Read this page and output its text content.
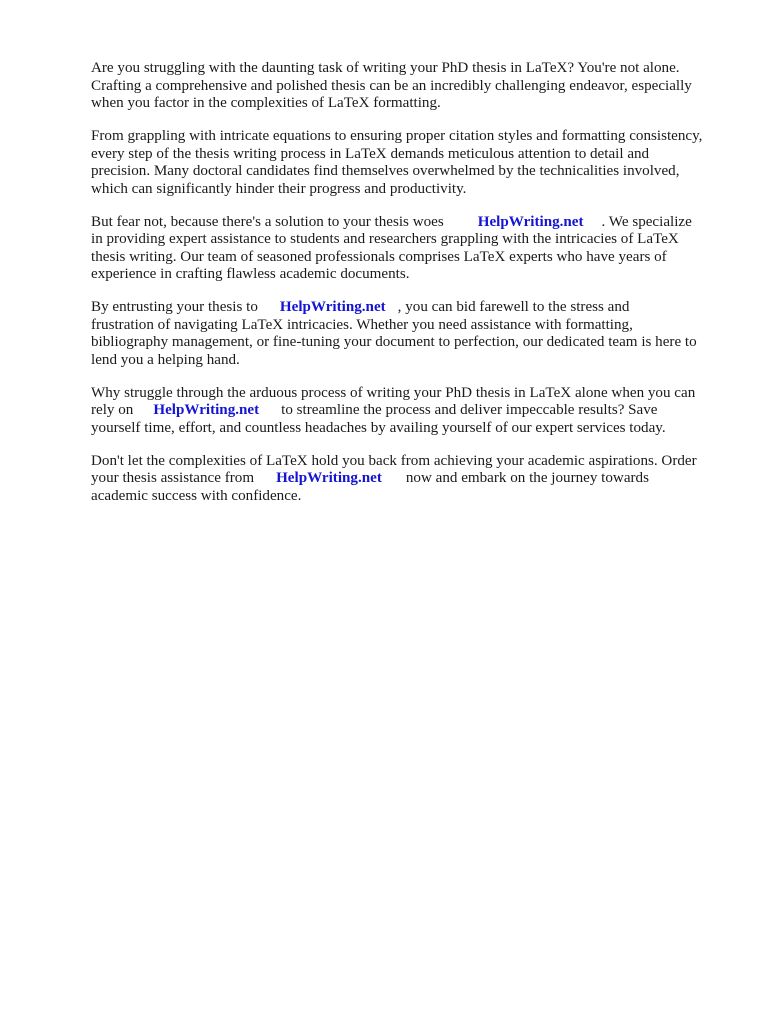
Are you struggling with the daunting task of writing your PhD thesis in LaTeX? You're not alone.
Crafting a comprehensive and polished thesis can be an incredibly challenging endeavor, especially
when you factor in the complexities of LaTeX formatting.

From grappling with intricate equations to ensuring proper citation styles and formatting consistency,
every step of the thesis writing process in LaTeX demands meticulous attention to detail and
precision. Many doctoral candidates find themselves overwhelmed by the technicalities involved,
which can significantly hinder their progress and productivity.

But fear not, because there's a solution to your thesis woes HelpWriting.net . We specialize
in providing expert assistance to students and researchers grappling with the intricacies of LaTeX
thesis writing. Our team of seasoned professionals comprises LaTeX experts who have years of
experience in crafting flawless academic documents.

By entrusting your thesis to HelpWriting.net , you can bid farewell to the stress and
frustration of navigating LaTeX intricacies. Whether you need assistance with formatting,
bibliography management, or fine-tuning your document to perfection, our dedicated team is here to
lend you a helping hand.

Why struggle through the arduous process of writing your PhD thesis in LaTeX alone when you can
rely on HelpWriting.net to streamline the process and deliver impeccable results? Save
yourself time, effort, and countless headaches by availing yourself of our expert services today.

Don't let the complexities of LaTeX hold you back from achieving your academic aspirations. Order
your thesis assistance from HelpWriting.net now and embark on the journey towards
academic success with confidence.
